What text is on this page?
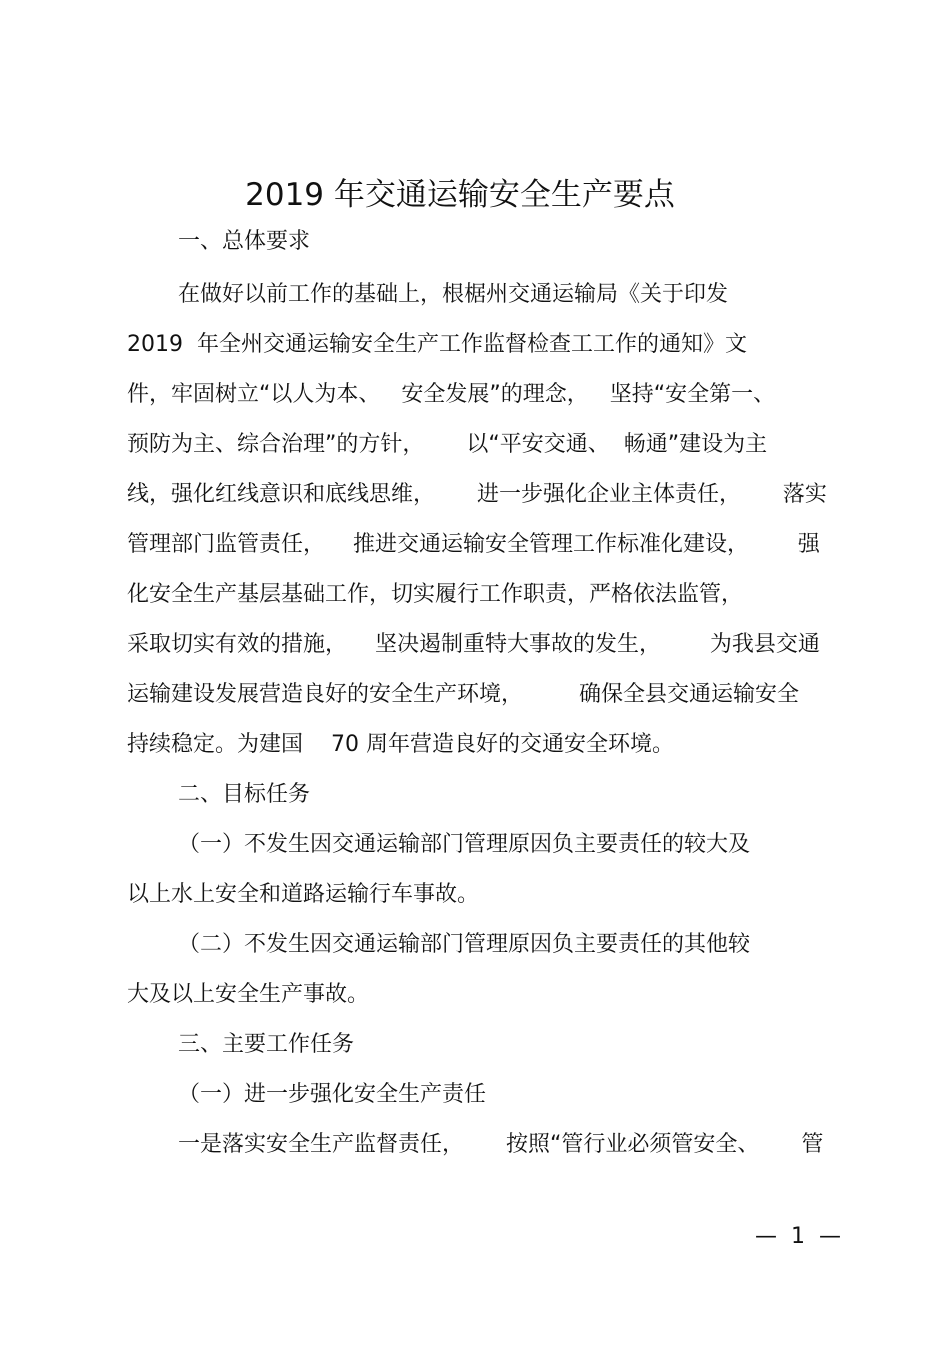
2019 年交通运输安全生产要点
一、总体要求
在做好以前工作的基础上，根椐州交通运输局《关于印发
2019  年全州交通运输安全生产工作监督检查工工作的通知》文
件，牢固树立“以人为本、   安全发展”的理念，   坚持“安全第一、
预防为主、综合治理”的方针，      以“平安交通、  畅通”建设为主
线，强化红线意识和底线思维，      进一步强化企业主体责任，      落实
管理部门监管责任，    推进交通运输安全管理工作标准化建设，       强
化安全生产基层基础工作，切实履行工作职责，严格依法监管，
采取切实有效的措施，    坚决遏制重特大事故的发生，       为我县交通
运输建设发展营造良好的安全生产环境，        确保全县交通运输安全
持续稳定。为建国    70 周年营造良好的交通安全环境。
二、目标任务
（一）不发生因交通运输部门管理原因负主要责任的较大及
以上水上安全和道路运输行车事故。
（二）不发生因交通运输部门管理原因负主要责任的其他较
大及以上安全生产事故。
三、主要工作任务
（一）进一步强化安全生产责任
一是落实安全生产监督责任，      按照“管行业必须管安全、      管
—  1  —
